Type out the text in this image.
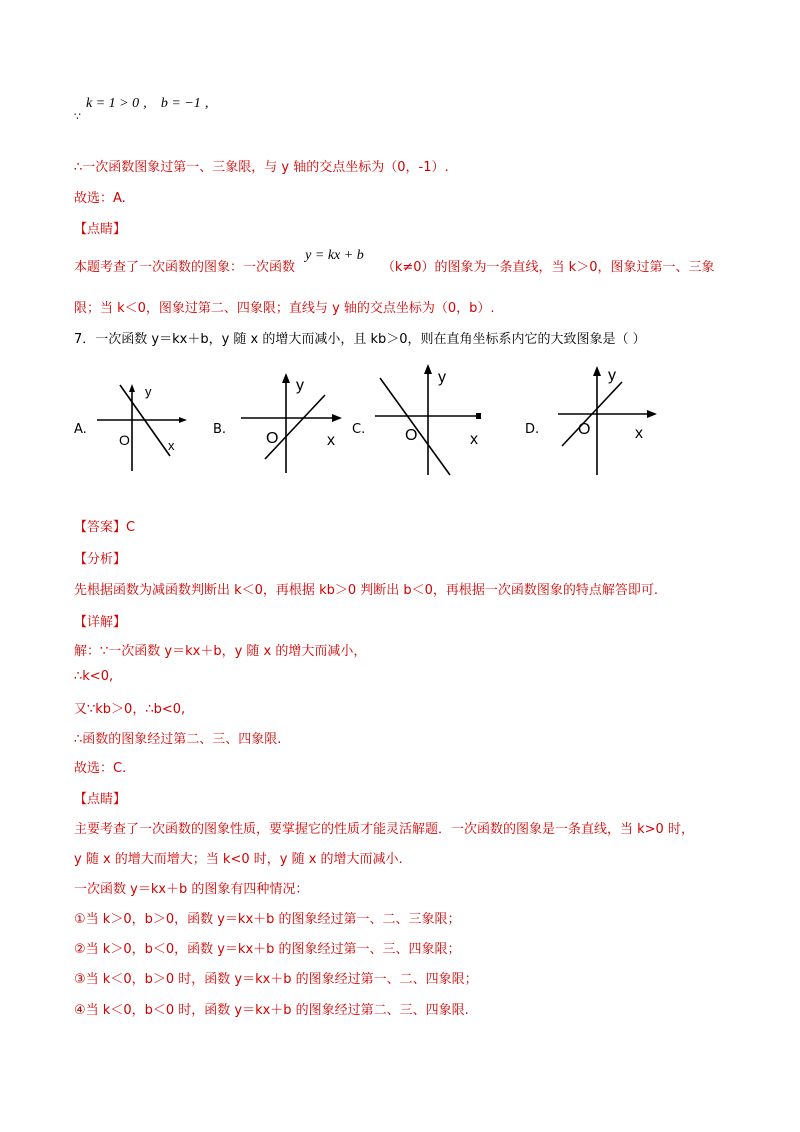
k = 1 > 0 , b = −1 ,
∵
∴一次函数图象过第一、三象限，与 y 轴的交点坐标为（0，-1）.
故选：A.
【点睛】
本题考查了一次函数的图象：一次函数 y = kx + b （k≠0）的图象为一条直线，当 k＞0，图象过第一、三象
限；当 k＜0，图象过第二、四象限；直线与 y 轴的交点坐标为（0，b）.
7．一次函数 y＝kx＋b，y 随 x 的增大而减小，且 kb＞0，则在直角坐标系内它的大致图象是（ ）
A.
y
x
O
B.
y
x
O
C.
y
x
O	D.
y
x
O
【答案】C
【分析】
先根据函数为减函数判断出 k＜0，再根据 kb＞0 判断出 b＜0，再根据一次函数图象的特点解答即可.
【详解】
解：∵一次函数 y＝kx＋b，y 随 x 的增大而减小，
∴k<0,
又∵kb＞0，∴b<0,
∴函数的图象经过第二、三、四象限.
故选：C.
【点睛】
主要考查了一次函数的图象性质，要掌握它的性质才能灵活解题．一次函数的图象是一条直线，当 k>0 时，
y 随 x 的增大而增大；当 k<0 时，y 随 x 的增大而减小.
一次函数 y＝kx＋b 的图象有四种情况：
①当 k＞0，b＞0，函数 y＝kx＋b 的图象经过第一、二、三象限；
②当 k＞0，b＜0，函数 y＝kx＋b 的图象经过第一、三、四象限；
③当 k＜0，b＞0 时，函数 y＝kx＋b 的图象经过第一、二、四象限；
④当 k＜0，b＜0 时，函数 y＝kx＋b 的图象经过第二、三、四象限.
